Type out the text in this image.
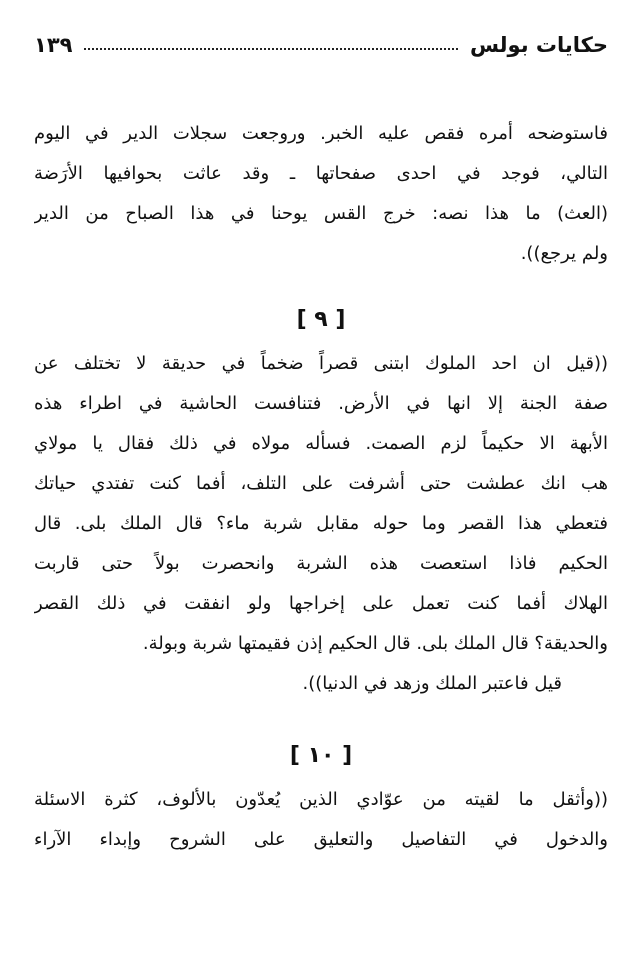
حكايات بولس
١٣٩
فاستوضحه أمره فقص عليه الخبر. وروجعت سجلات الدير في اليوم
التالي، فوجد في احدى صفحاتها ـ وقد عاثت بحوافيها الأرَضة
(العث) ما هذا نصه: خرج القس يوحنا في هذا الصباح من الدير
ولم يرجع)).
[ ٩ ]
((قيل ان احد الملوك ابتنى قصراً ضخماً في حديقة لا تختلف عن
صفة الجنة إلا انها في الأرض. فتنافست الحاشية في اطراء هذه
الأبهة الا حكيماً لزم الصمت. فسأله مولاه في ذلك فقال يا مولاي
هب انك عطشت حتى أشرفت على التلف، أفما كنت تفتدي حياتك
فتعطي هذا القصر وما حوله مقابل شربة ماء؟ قال الملك بلى. قال
الحكيم فاذا استعصت هذه الشربة وانحصرت بولاً حتى قاربت
الهلاك أفما كنت تعمل على إخراجها ولو انفقت في ذلك القصر
والحديقة؟ قال الملك بلى. قال الحكيم إذن فقيمتها شربة وبولة.
قيل فاعتبر الملك وزهد في الدنيا)).
[ ١٠ ]
((وأثقل ما لقيته من عوّادي الذين يُعدّون بالألوف، كثرة الاسئلة
والدخول في التفاصيل والتعليق على الشروح وإبداء الآراء
